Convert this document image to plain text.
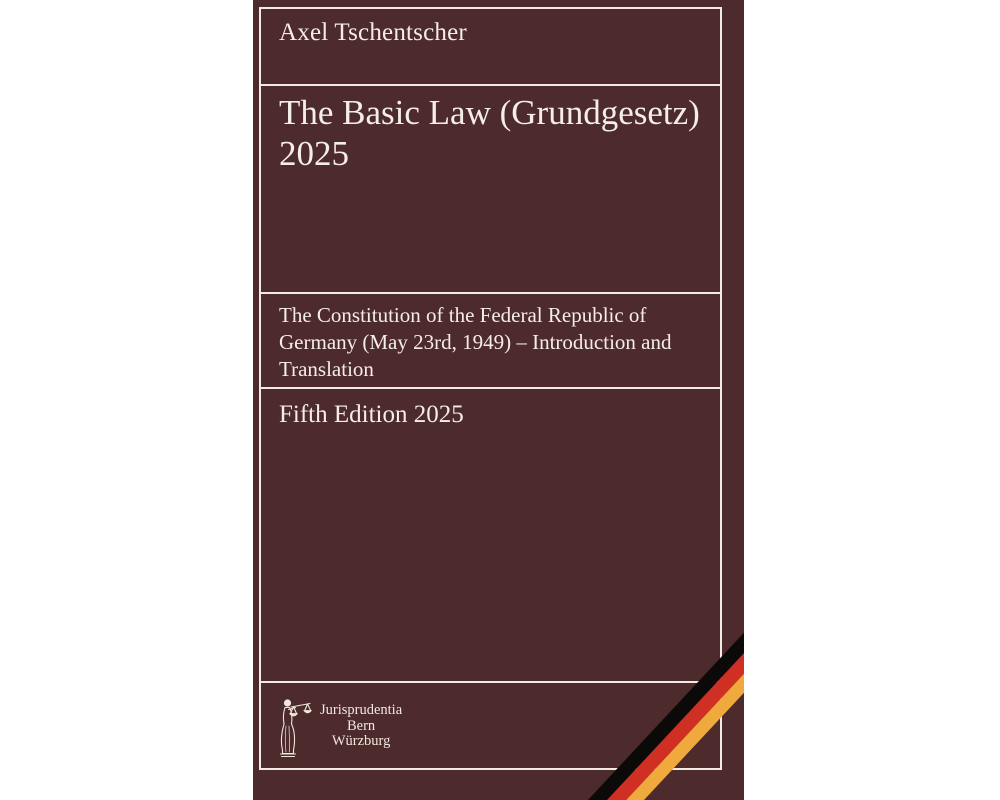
Axel Tschentscher
The Basic Law (Grundgesetz)
2025
The Constitution of the Federal Republic of
Germany (May 23rd, 1949) – Introduction and
Translation
Fifth Edition 2025
Jurisprudentia
Bern
Würzburg
